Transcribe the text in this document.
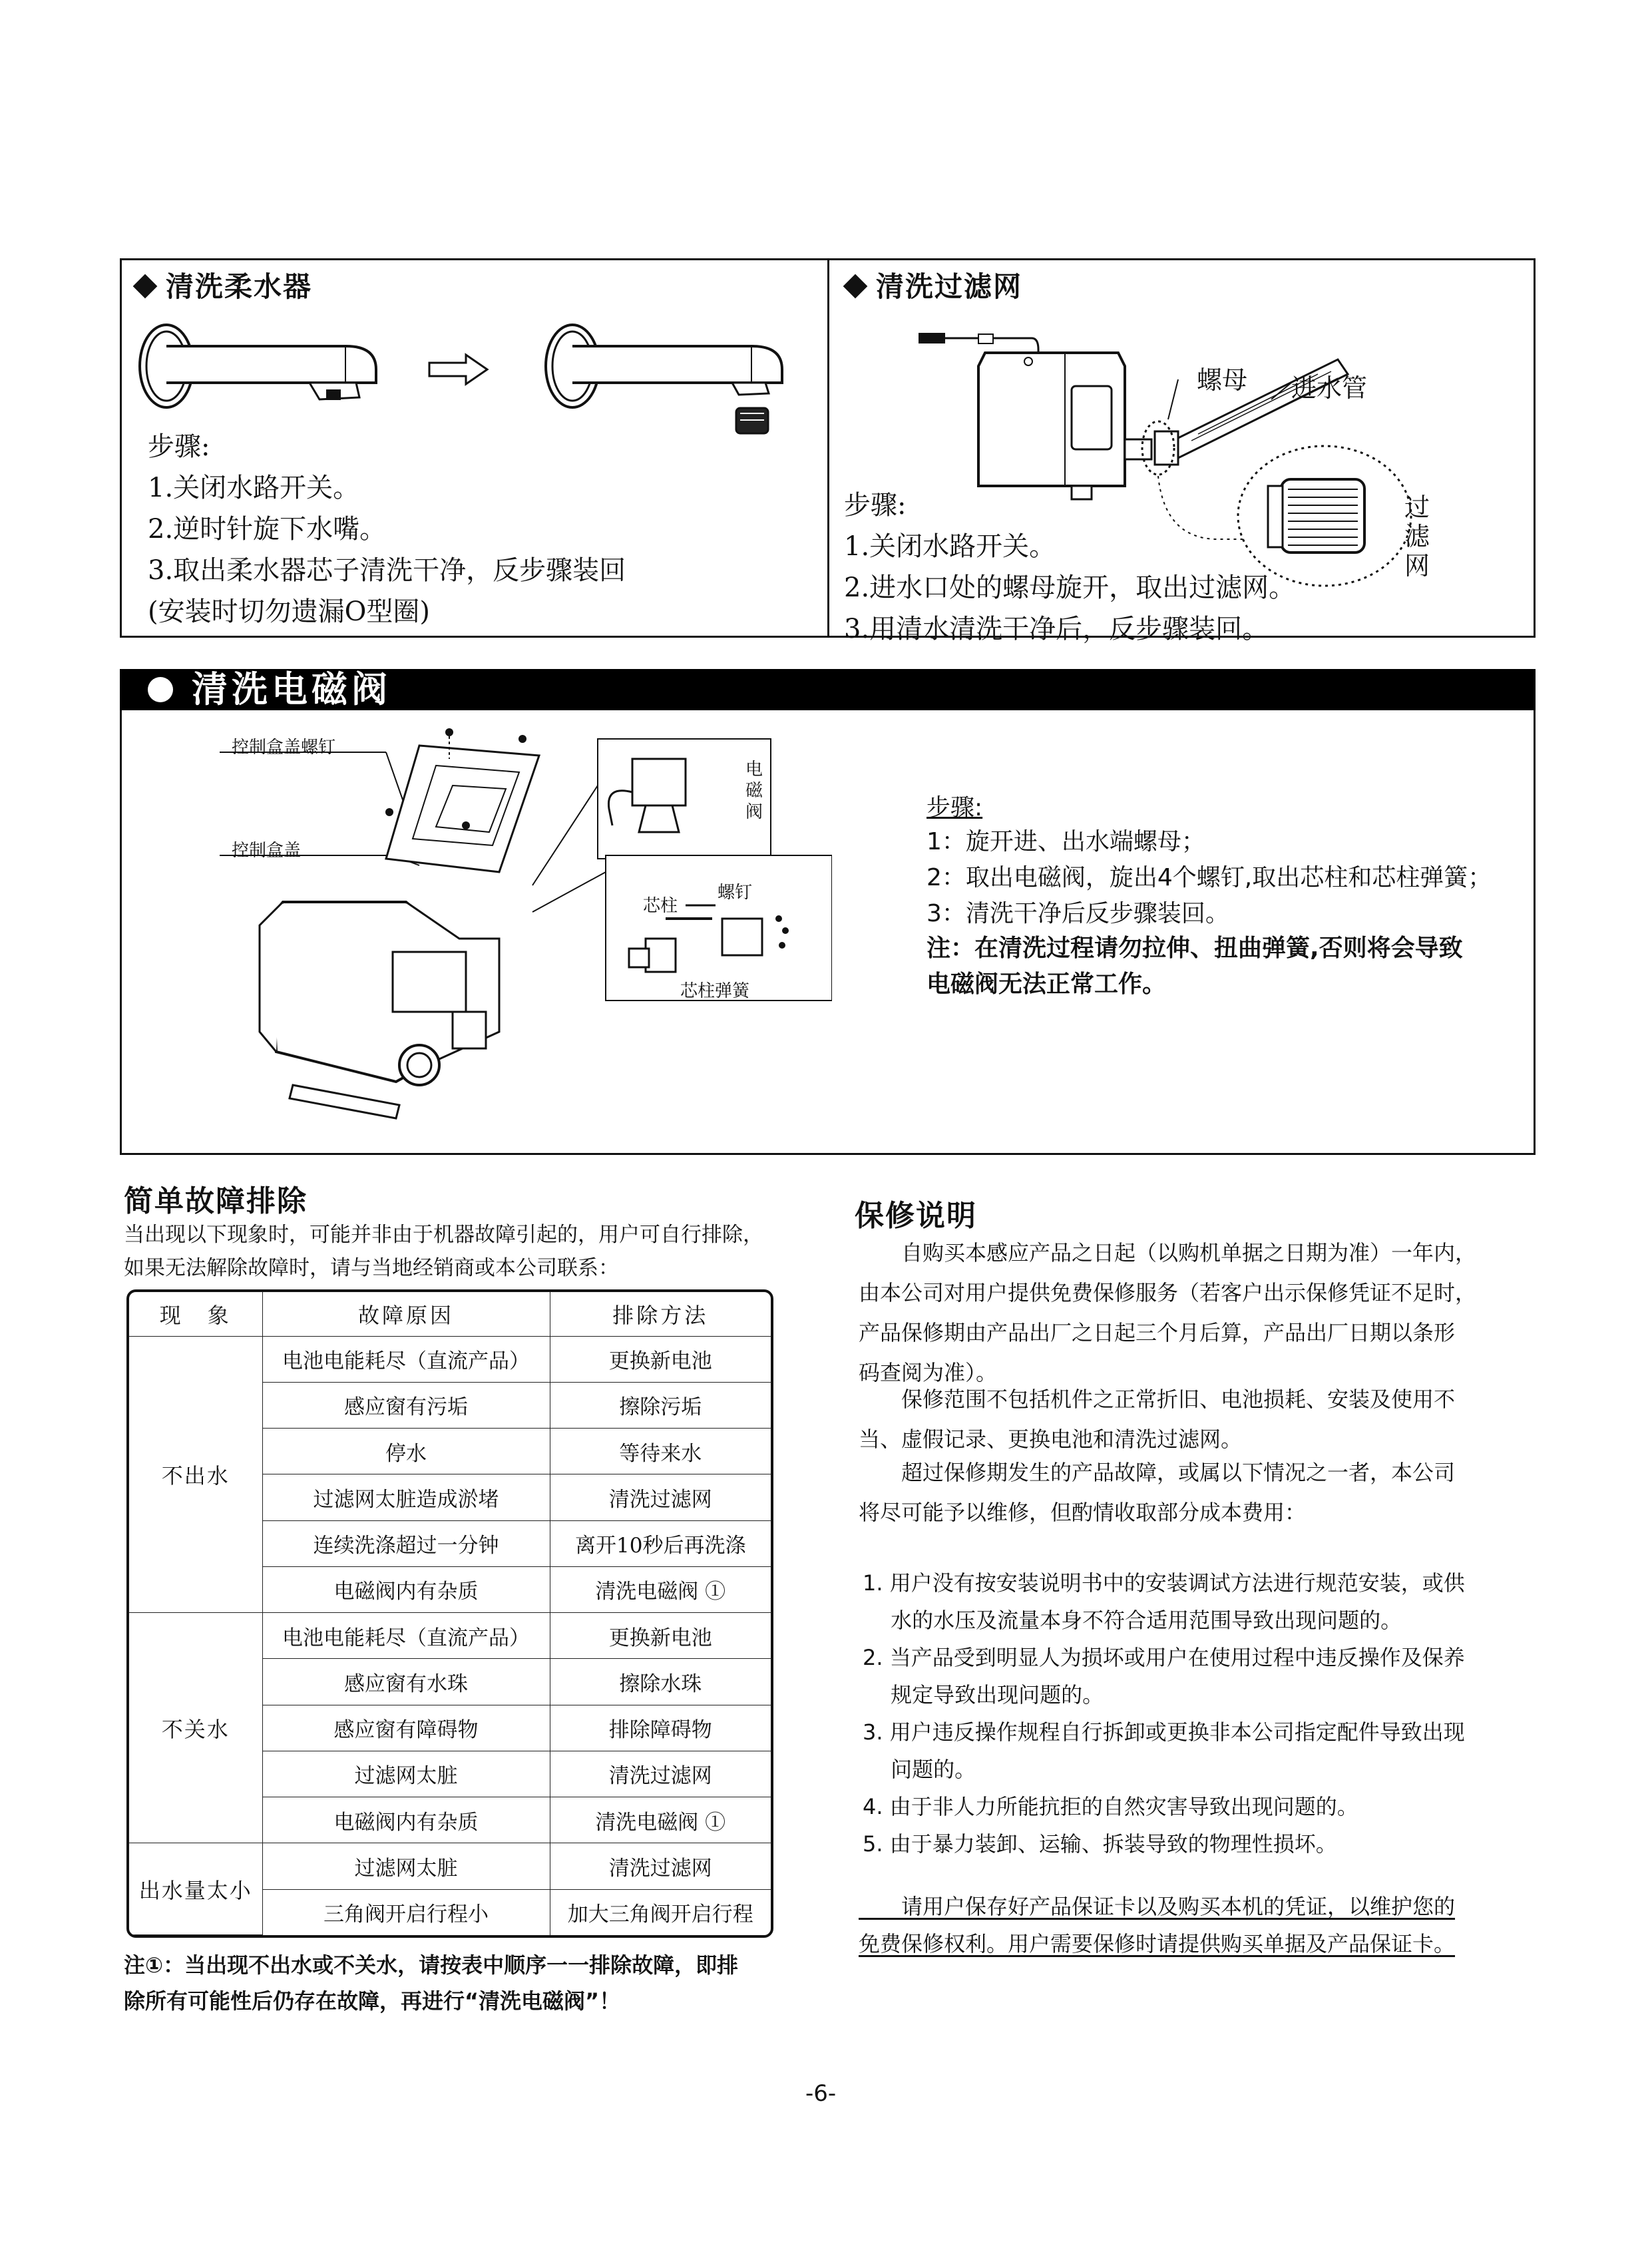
清洗柔水器
步骤:
1.关闭水路开关。
2.逆时针旋下水嘴。
3.取出柔水器芯子清洗干净，反步骤装回
(安装时切勿遗漏O型圈)
清洗过滤网
螺母 进水管
过滤网
步骤:
1.关闭水路开关。
2.进水口处的螺母旋开，取出过滤网。
3.用清水清洗干净后，反步骤装回。
清洗电磁阀
控制盒盖螺钉
控制盒盖
电磁阀
芯柱
螺钉
芯柱弹簧
步骤:
1：旋开进、出水端螺母；
2：取出电磁阀，旋出4个螺钉,取出芯柱和芯柱弹簧；
3：清洗干净后反步骤装回。
注：在清洗过程请勿拉伸、扭曲弹簧,否则将会导致
电磁阀无法正常工作。
简单故障排除
当出现以下现象时，可能并非由于机器故障引起的，用户可自行排除，
如果无法解除故障时，请与当地经销商或本公司联系：
现　象	故障原因	排除方法
不出水	电池电能耗尽（直流产品）	更换新电池
	感应窗有污垢	擦除污垢
	停水	等待来水
	过滤网太脏造成淤堵	清洗过滤网
	连续洗涤超过一分钟	离开10秒后再洗涤
	电磁阀内有杂质	清洗电磁阀 ①
不关水	电池电能耗尽（直流产品）	更换新电池
	感应窗有水珠	擦除水珠
	感应窗有障碍物	排除障碍物
	过滤网太脏	清洗过滤网
	电磁阀内有杂质	清洗电磁阀 ①
出水量太小	过滤网太脏	清洗过滤网
	三角阀开启行程小	加大三角阀开启行程
注①：当出现不出水或不关水，请按表中顺序一一排除故障，即排
除所有可能性后仍存在故障，再进行“清洗电磁阀”！
保修说明
　　自购买本感应产品之日起（以购机单据之日期为准）一年内，
由本公司对用户提供免费保修服务（若客户出示保修凭证不足时，
产品保修期由产品出厂之日起三个月后算，产品出厂日期以条形
码查阅为准）。
　　保修范围不包括机件之正常折旧、电池损耗、安装及使用不
当、虚假记录、更换电池和清洗过滤网。
　　超过保修期发生的产品故障，或属以下情况之一者，本公司
将尽可能予以维修，但酌情收取部分成本费用：
1. 用户没有按安装说明书中的安装调试方法进行规范安装，或供
　 水的水压及流量本身不符合适用范围导致出现问题的。
2. 当产品受到明显人为损坏或用户在使用过程中违反操作及保养
　 规定导致出现问题的。
3. 用户违反操作规程自行拆卸或更换非本公司指定配件导致出现
　 问题的。
4. 由于非人力所能抗拒的自然灾害导致出现问题的。
5. 由于暴力装卸、运输、拆装导致的物理性损坏。
　　请用户保存好产品保证卡以及购买本机的凭证，以维护您的
免费保修权利。用户需要保修时请提供购买单据及产品保证卡。
-6-
